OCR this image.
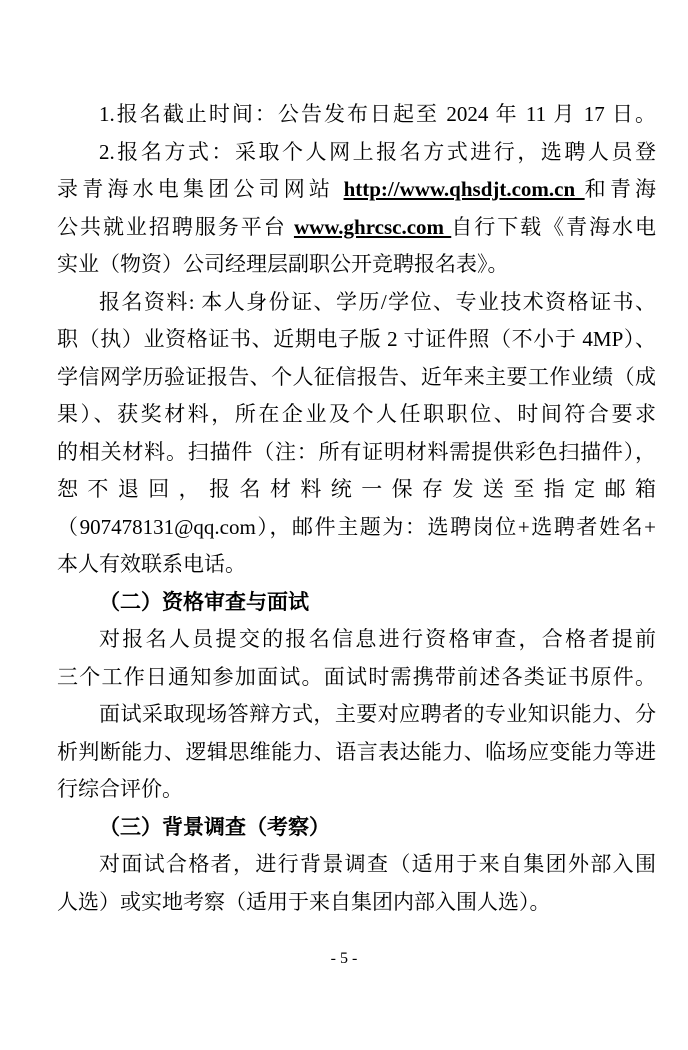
1.报名截止时间：公告发布日起至 2024 年 11 月 17 日。
2.报名方式：采取个人网上报名方式进行，选聘人员登
录青海水电集团公司网站 http://www.qhsdjt.com.cn 和青海
公共就业招聘服务平台 www.ghrcsc.com 自行下载《青海水电
实业（物资）公司经理层副职公开竞聘报名表》。
报名资料: 本人身份证、学历/学位、专业技术资格证书、
职（执）业资格证书、近期电子版 2 寸证件照（不小于 4MP）、
学信网学历验证报告、个人征信报告、近年来主要工作业绩（成
果）、获奖材料，所在企业及个人任职职位、时间符合要求
的相关材料。扫描件（注：所有证明材料需提供彩色扫描件），
恕不退回，报名材料统一保存发送至指定邮箱
（907478131@qq.com），邮件主题为：选聘岗位+选聘者姓名+
本人有效联系电话。
（二）资格审查与面试
对报名人员提交的报名信息进行资格审查，合格者提前
三个工作日通知参加面试。面试时需携带前述各类证书原件。
面试采取现场答辩方式，主要对应聘者的专业知识能力、分
析判断能力、逻辑思维能力、语言表达能力、临场应变能力等进
行综合评价。
（三）背景调查（考察）
对面试合格者，进行背景调查（适用于来自集团外部入围
人选）或实地考察（适用于来自集团内部入围人选）。
- 5 -
